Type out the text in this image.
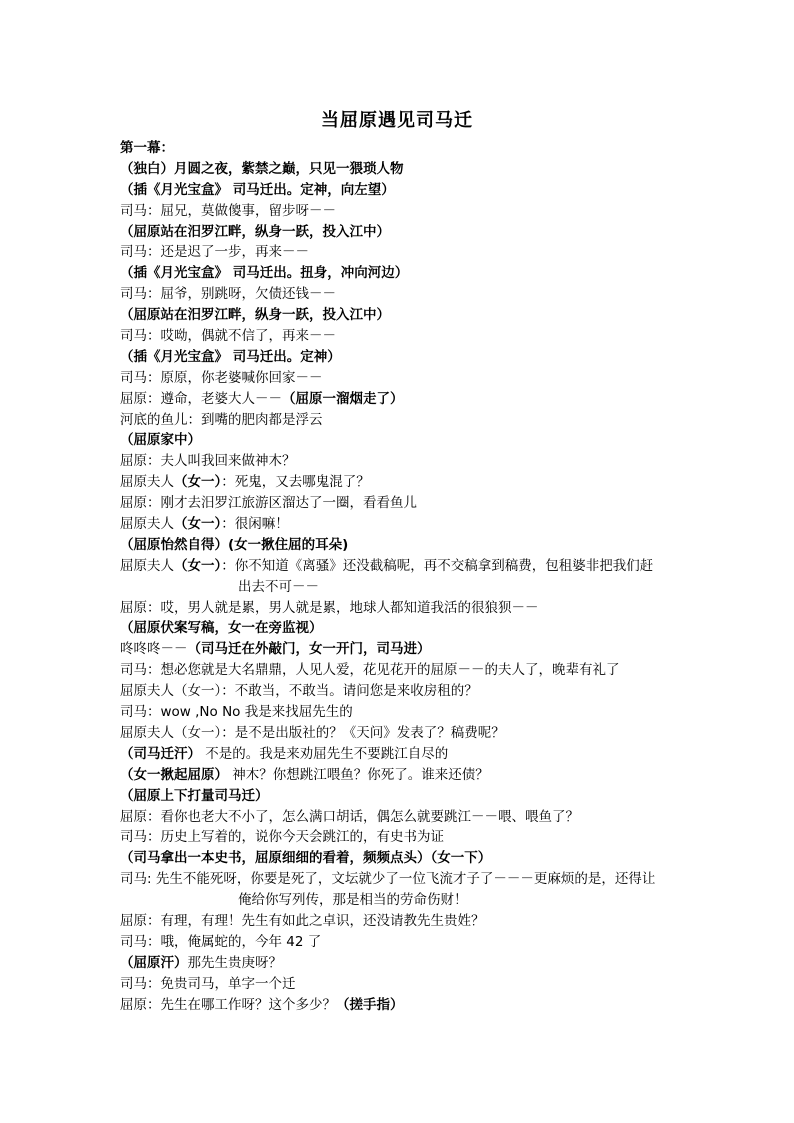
当屈原遇见司马迁
第一幕：
（独白）月圆之夜，紫禁之巅，只见一猥琐人物
（插《月光宝盒》 司马迁出。定神，向左望）
司马：屈兄，莫做傻事，留步呀－－
（屈原站在汨罗江畔，纵身一跃，投入江中）
司马：还是迟了一步，再来－－
（插《月光宝盒》 司马迁出。扭身，冲向河边）
司马：屈爷，别跳呀，欠债还钱－－
（屈原站在汨罗江畔，纵身一跃，投入江中）
司马：哎呦，偶就不信了，再来－－
（插《月光宝盒》 司马迁出。定神）
司马：原原，你老婆喊你回家－－
屈原：遵命，老婆大人－－（屈原一溜烟走了）
河底的鱼儿：到嘴的肥肉都是浮云
（屈原家中）
屈原：夫人叫我回来做神木？
屈原夫人（女一）：死鬼，又去哪鬼混了？
屈原：刚才去汨罗江旅游区溜达了一圈，看看鱼儿
屈原夫人（女一）：很闲嘛！
（屈原怡然自得）(女一揪住屈的耳朵)
屈原夫人（女一）：你不知道《离骚》还没截稿呢，再不交稿拿到稿费，包租婆非把我们赶
出去不可－－
屈原：哎，男人就是累，男人就是累，地球人都知道我活的很狼狈－－
（屈原伏案写稿，女一在旁监视）
咚咚咚－－（司马迁在外敲门，女一开门，司马进）
司马：想必您就是大名鼎鼎，人见人爱，花见花开的屈原－－的夫人了，晚辈有礼了
屈原夫人（女一）：不敢当，不敢当。请问您是来收房租的？
司马：wow ,No No 我是来找屈先生的
屈原夫人（女一）：是不是出版社的？《天问》发表了？稿费呢？
（司马迁汗） 不是的。我是来劝屈先生不要跳江自尽的
（女一揪起屈原） 神木？你想跳江喂鱼？你死了。谁来还债？
（屈原上下打量司马迁）
屈原：看你也老大不小了，怎么满口胡话，偶怎么就要跳江－－喂、喂鱼了？
司马：历史上写着的，说你今天会跳江的，有史书为证
（司马拿出一本史书，屈原细细的看着，频频点头）（女一下）
司马: 先生不能死呀，你要是死了，文坛就少了一位飞流才子了－－－更麻烦的是，还得让
俺给你写列传，那是相当的劳命伤财！
屈原：有理，有理！先生有如此之卓识，还没请教先生贵姓？
司马：哦，俺属蛇的，今年 42 了
（屈原汗）那先生贵庚呀？
司马：免贵司马，单字一个迁
屈原：先生在哪工作呀？这个多少？（搓手指）
